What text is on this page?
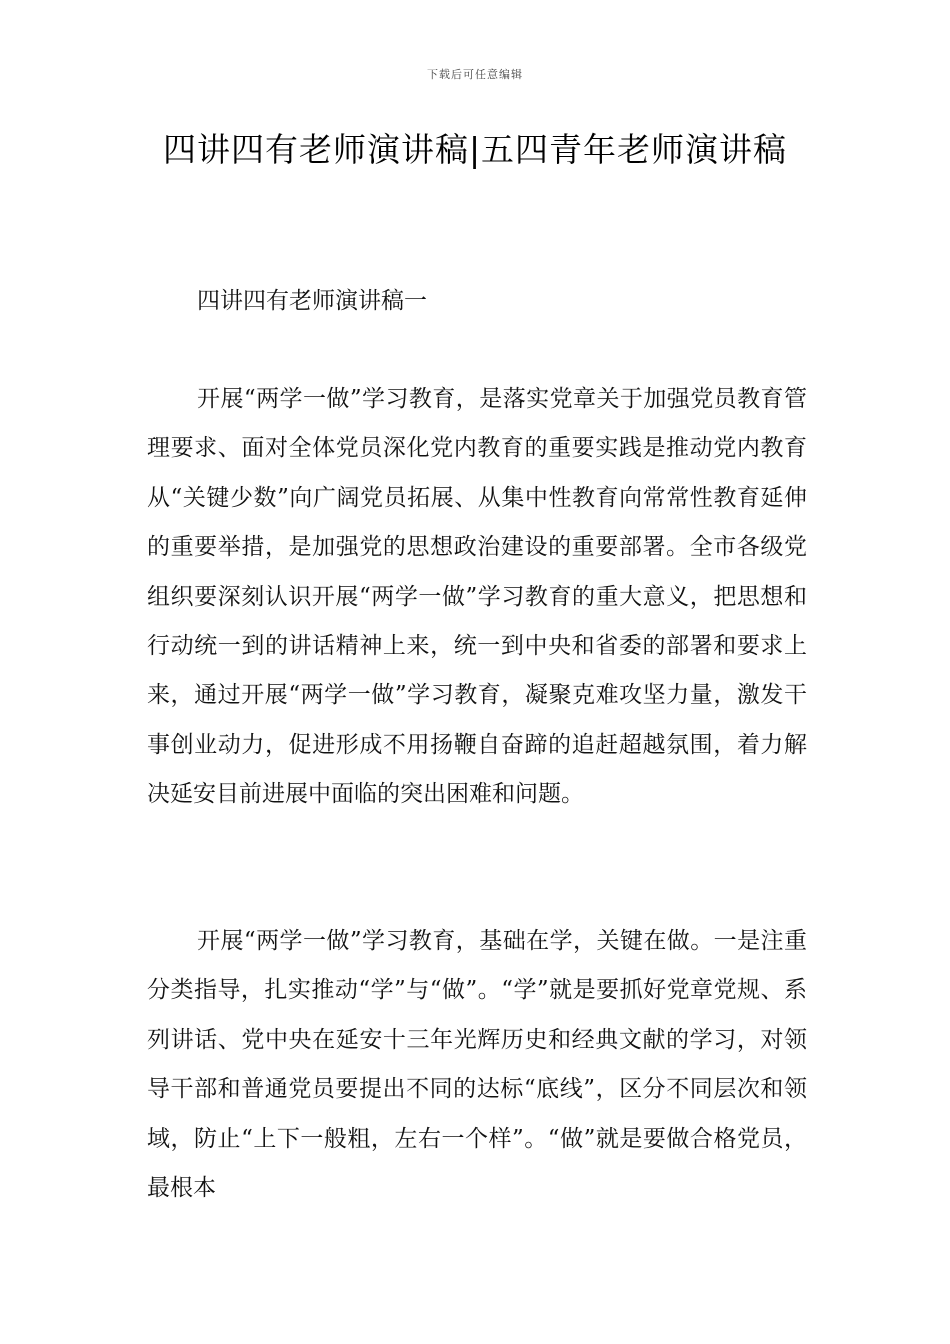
下载后可任意编辑
四讲四有老师演讲稿|五四青年老师演讲稿
四讲四有老师演讲稿一

开展“两学一做”学习教育，是落实党章关于加强党员教育管理要求、面对全体党员深化党内教育的重要实践是推动党内教育从“关键少数”向广阔党员拓展、从集中性教育向常常性教育延伸的重要举措，是加强党的思想政治建设的重要部署。全市各级党组织要深刻认识开展“两学一做”学习教育的重大意义，把思想和行动统一到的讲话精神上来，统一到中央和省委的部署和要求上来，通过开展“两学一做”学习教育，凝聚克难攻坚力量，激发干事创业动力，促进形成不用扬鞭自奋蹄的追赶超越氛围，着力解决延安目前进展中面临的突出困难和问题。

开展“两学一做”学习教育，基础在学，关键在做。一是注重分类指导，扎实推动“学”与“做”。“学”就是要抓好党章党规、系列讲话、党中央在延安十三年光辉历史和经典文献的学习，对领导干部和普通党员要提出不同的达标“底线”，区分不同层次和领域，防止“上下一般粗，左右一个样”。“做”就是要做合格党员，最根本
